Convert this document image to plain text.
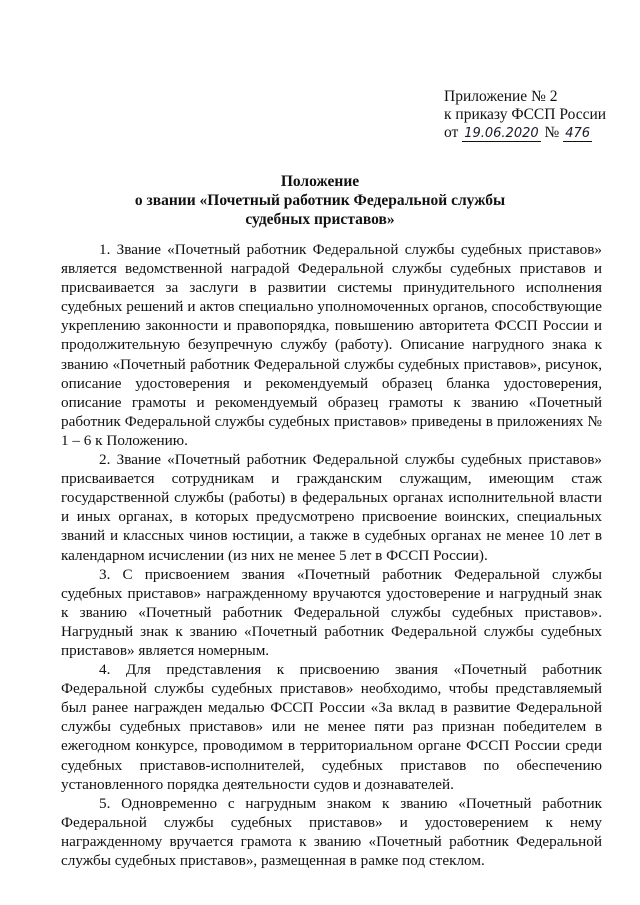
Приложение № 2
к приказу ФССП России
от 19.06.2020 № 476
Положение
о звании «Почетный работник Федеральной службы
судебных приставов»

1. Звание «Почетный работник Федеральной службы судебных приставов» является ведомственной наградой Федеральной службы судебных приставов и присваивается за заслуги в развитии системы принудительного исполнения судебных решений и актов специально уполномоченных органов, способствующие укреплению законности и правопорядка, повышению авторитета ФССП России и продолжительную безупречную службу (работу). Описание нагрудного знака к званию «Почетный работник Федеральной службы судебных приставов», рисунок, описание удостоверения и рекомендуемый образец бланка удостоверения, описание грамоты и рекомендуемый образец грамоты к званию «Почетный работник Федеральной службы судебных приставов» приведены в приложениях № 1 – 6 к Положению.

2. Звание «Почетный работник Федеральной службы судебных приставов» присваивается сотрудникам и гражданским служащим, имеющим стаж государственной службы (работы) в федеральных органах исполнительной власти и иных органах, в которых предусмотрено присвоение воинских, специальных званий и классных чинов юстиции, а также в судебных органах не менее 10 лет в календарном исчислении (из них не менее 5 лет в ФССП России).

3. С присвоением звания «Почетный работник Федеральной службы судебных приставов» награжденному вручаются удостоверение и нагрудный знак к званию «Почетный работник Федеральной службы судебных приставов». Нагрудный знак к званию «Почетный работник Федеральной службы судебных приставов» является номерным.

4. Для представления к присвоению звания «Почетный работник Федеральной службы судебных приставов» необходимо, чтобы представляемый был ранее награжден медалью ФССП России «За вклад в развитие Федеральной службы судебных приставов» или не менее пяти раз признан победителем в ежегодном конкурсе, проводимом в территориальном органе ФССП России среди судебных приставов-исполнителей, судебных приставов по обеспечению установленного порядка деятельности судов и дознавателей.

5. Одновременно с нагрудным знаком к званию «Почетный работник Федеральной службы судебных приставов» и удостоверением к нему награжденному вручается грамота к званию «Почетный работник Федеральной службы судебных приставов», размещенная в рамке под стеклом.
